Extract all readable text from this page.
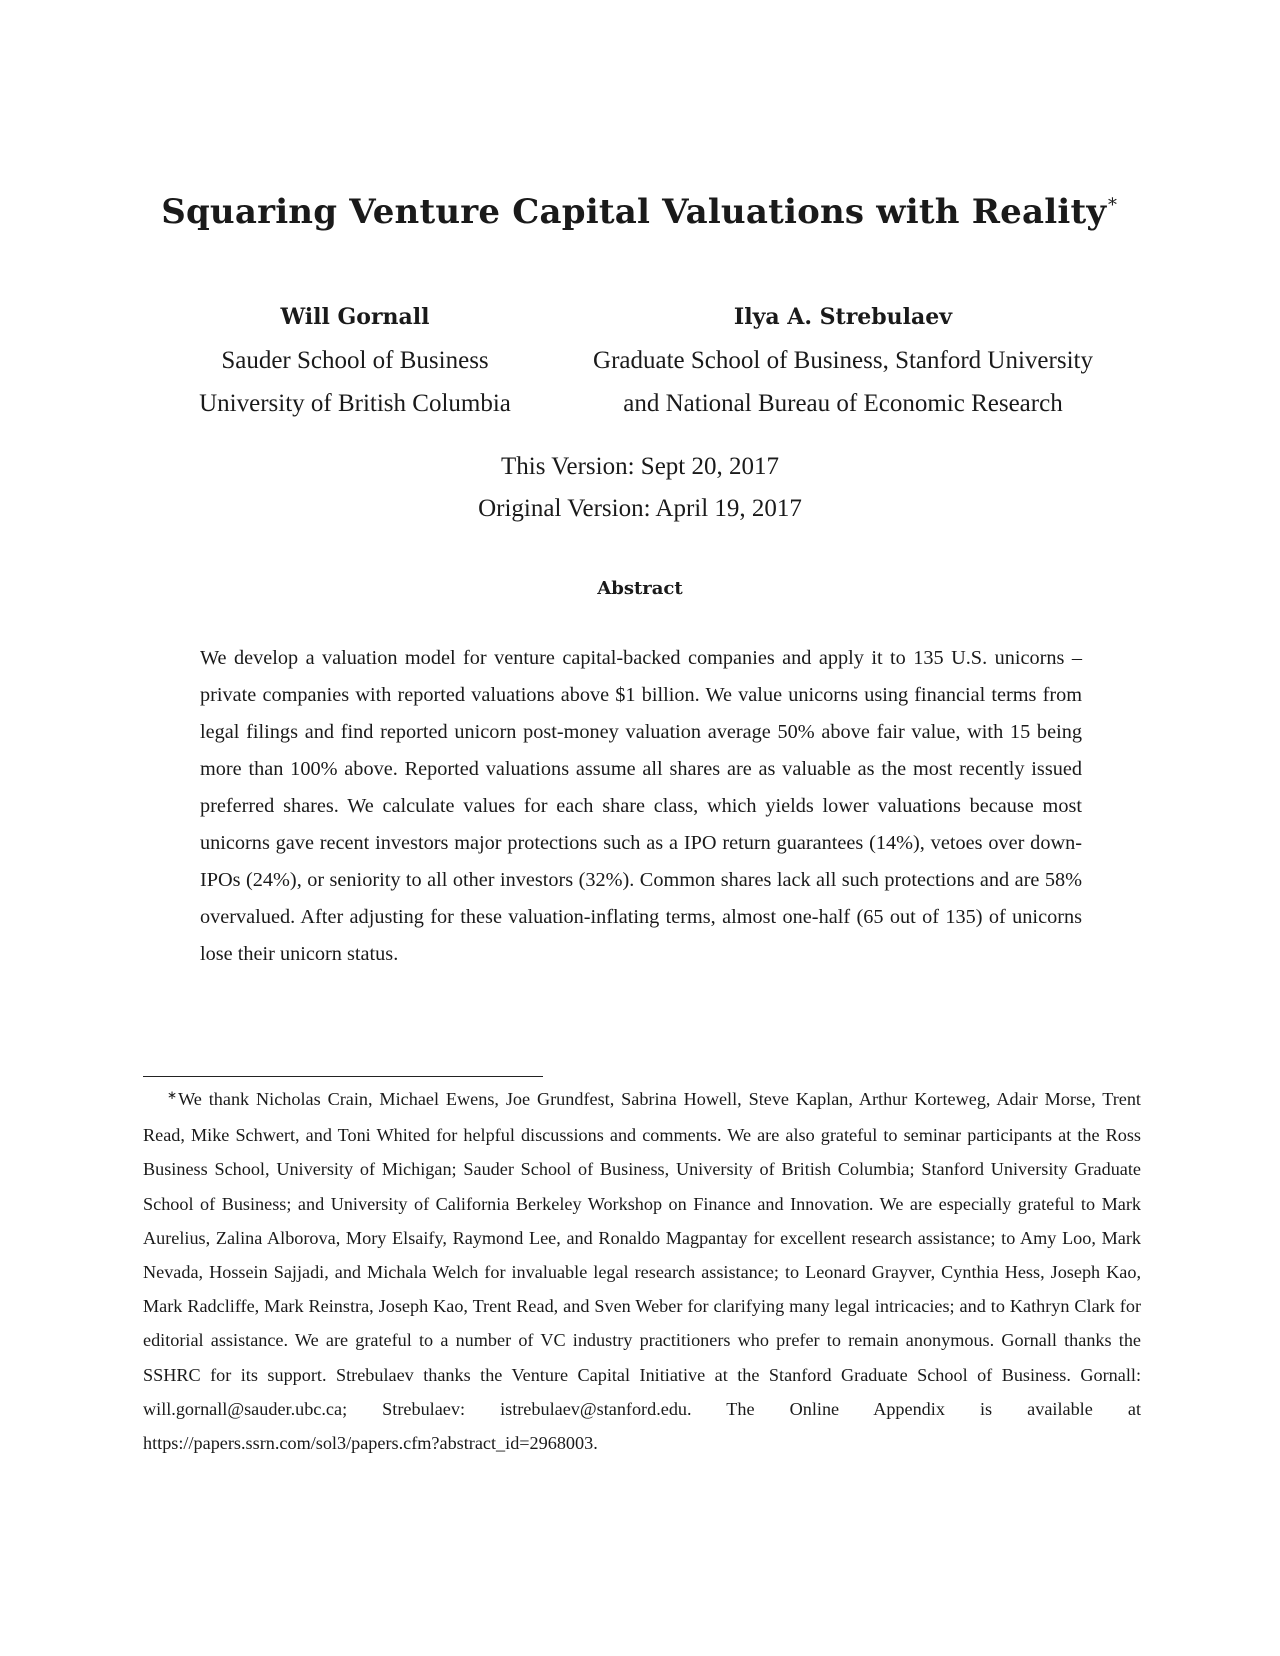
Squaring Venture Capital Valuations with Reality∗
Will Gornall
Sauder School of Business
University of British Columbia
Ilya A. Strebulaev
Graduate School of Business, Stanford University
and National Bureau of Economic Research
This Version: Sept 20, 2017
Original Version: April 19, 2017
Abstract
We develop a valuation model for venture capital-backed companies and apply it to 135 U.S. unicorns – private companies with reported valuations above $1 billion. We value unicorns using financial terms from legal filings and find reported unicorn post-money valuation average 50% above fair value, with 15 being more than 100% above. Reported valuations assume all shares are as valuable as the most recently issued preferred shares. We calculate values for each share class, which yields lower valuations because most unicorns gave recent investors major protections such as a IPO return guarantees (14%), vetoes over down-IPOs (24%), or seniority to all other investors (32%). Common shares lack all such protections and are 58% overvalued. After adjusting for these valuation-inflating terms, almost one-half (65 out of 135) of unicorns lose their unicorn status.
∗We thank Nicholas Crain, Michael Ewens, Joe Grundfest, Sabrina Howell, Steve Kaplan, Arthur Korteweg, Adair Morse, Trent Read, Mike Schwert, and Toni Whited for helpful discussions and comments. We are also grateful to seminar participants at the Ross Business School, University of Michigan; Sauder School of Business, University of British Columbia; Stanford University Graduate School of Business; and University of California Berkeley Workshop on Finance and Innovation. We are especially grateful to Mark Aurelius, Zalina Alborova, Mory Elsaify, Raymond Lee, and Ronaldo Magpantay for excellent research assistance; to Amy Loo, Mark Nevada, Hossein Sajjadi, and Michala Welch for invaluable legal research assistance; to Leonard Grayver, Cynthia Hess, Joseph Kao, Mark Radcliffe, Mark Reinstra, Joseph Kao, Trent Read, and Sven Weber for clarifying many legal intricacies; and to Kathryn Clark for editorial assistance. We are grateful to a number of VC industry practitioners who prefer to remain anonymous. Gornall thanks the SSHRC for its support. Strebulaev thanks the Venture Capital Initiative at the Stanford Graduate School of Business. Gornall: will.gornall@sauder.ubc.ca; Strebulaev: istrebulaev@stanford.edu. The Online Appendix is available at https://papers.ssrn.com/sol3/papers.cfm?abstract_id=2968003.
